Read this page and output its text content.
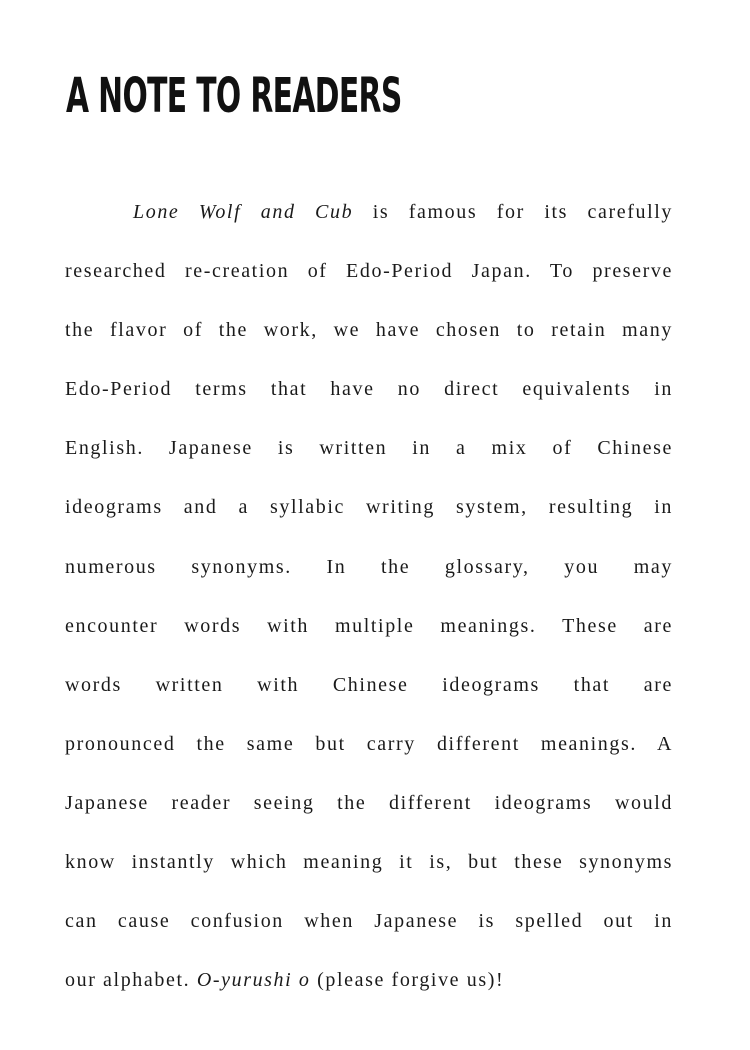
A NOTE TO READERS
Lone Wolf and Cub is famous for its carefully
researched re-creation of Edo-Period Japan. To preserve
the flavor of the work, we have chosen to retain many
Edo-Period terms that have no direct equivalents in
English. Japanese is written in a mix of Chinese
ideograms and a syllabic writing system, resulting in
numerous synonyms. In the glossary, you may
encounter words with multiple meanings. These are
words written with Chinese ideograms that are
pronounced the same but carry different meanings. A
Japanese reader seeing the different ideograms would
know instantly which meaning it is, but these synonyms
can cause confusion when Japanese is spelled out in
our alphabet. O-yurushi o (please forgive us)!
